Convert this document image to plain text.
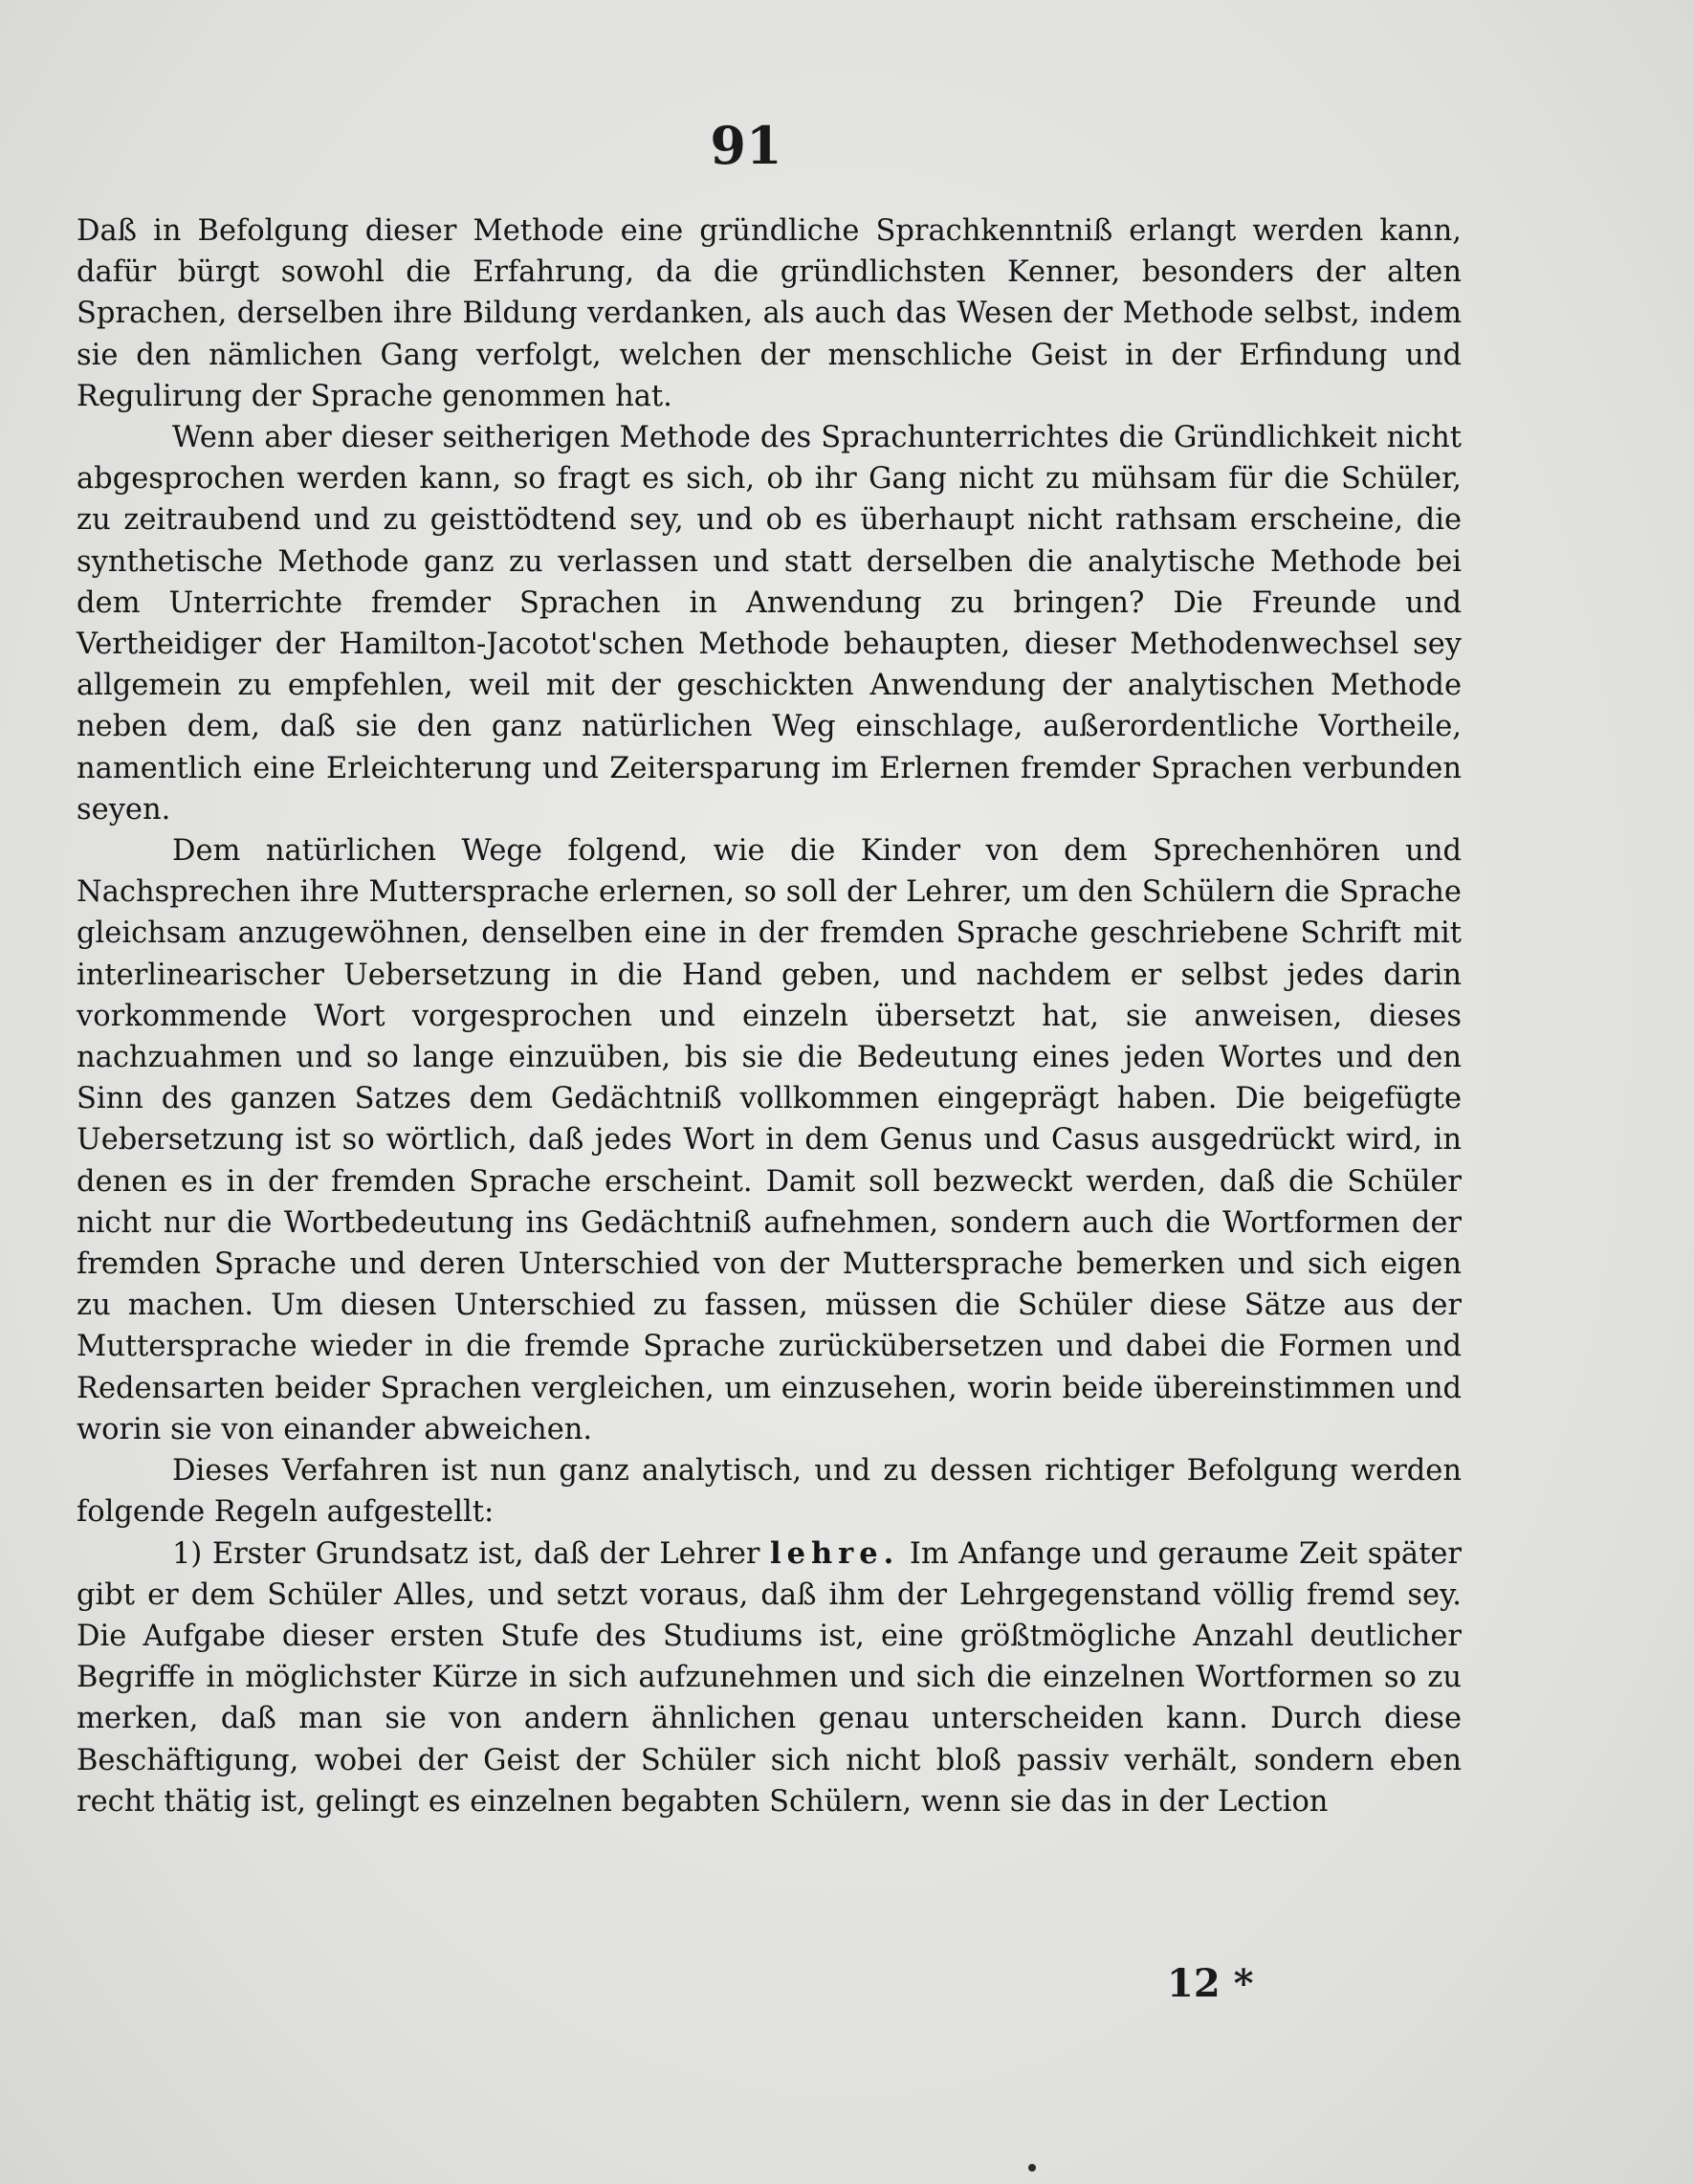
91

Daß in Befolgung dieser Methode eine gründliche Sprachkenntniß erlangt werden kann, dafür bürgt sowohl die Erfahrung, da die gründlichsten Kenner, besonders der alten Sprachen, derselben ihre Bildung verdanken, als auch das Wesen der Methode selbst, indem sie den nämlichen Gang verfolgt, welchen der menschliche Geist in der Erfindung und Regulirung der Sprache genommen hat.

Wenn aber dieser seitherigen Methode des Sprachunterrichtes die Gründlichkeit nicht abgesprochen werden kann, so fragt es sich, ob ihr Gang nicht zu mühsam für die Schüler, zu zeitraubend und zu geisttödtend sey, und ob es überhaupt nicht rathsam erscheine, die synthetische Methode ganz zu verlassen und statt derselben die analytische Methode bei dem Unterrichte fremder Sprachen in Anwendung zu bringen? Die Freunde und Vertheidiger der Hamilton-Jacotot'schen Methode behaupten, dieser Methodenwechsel sey allgemein zu empfehlen, weil mit der geschickten Anwendung der analytischen Methode neben dem, daß sie den ganz natürlichen Weg einschlage, außerordentliche Vortheile, namentlich eine Erleichterung und Zeitersparung im Erlernen fremder Sprachen verbunden seyen.

Dem natürlichen Wege folgend, wie die Kinder von dem Sprechenhören und Nachsprechen ihre Muttersprache erlernen, so soll der Lehrer, um den Schülern die Sprache gleichsam anzugewöhnen, denselben eine in der fremden Sprache geschriebene Schrift mit interlinearischer Uebersetzung in die Hand geben, und nachdem er selbst jedes darin vorkommende Wort vorgesprochen und einzeln übersetzt hat, sie anweisen, dieses nachzuahmen und so lange einzuüben, bis sie die Bedeutung eines jeden Wortes und den Sinn des ganzen Satzes dem Gedächtniß vollkommen eingeprägt haben. Die beigefügte Uebersetzung ist so wörtlich, daß jedes Wort in dem Genus und Casus ausgedrückt wird, in denen es in der fremden Sprache erscheint. Damit soll bezweckt werden, daß die Schüler nicht nur die Wortbedeutung ins Gedächtniß aufnehmen, sondern auch die Wortformen der fremden Sprache und deren Unterschied von der Muttersprache bemerken und sich eigen zu machen. Um diesen Unterschied zu fassen, müssen die Schüler diese Sätze aus der Muttersprache wieder in die fremde Sprache zurückübersetzen und dabei die Formen und Redensarten beider Sprachen vergleichen, um einzusehen, worin beide übereinstimmen und worin sie von einander abweichen.

Dieses Verfahren ist nun ganz analytisch, und zu dessen richtiger Befolgung werden folgende Regeln aufgestellt:

1) Erster Grundsatz ist, daß der Lehrer lehre. Im Anfange und geraume Zeit später gibt er dem Schüler Alles, und setzt voraus, daß ihm der Lehrgegenstand völlig fremd sey. Die Aufgabe dieser ersten Stufe des Studiums ist, eine größtmögliche Anzahl deutlicher Begriffe in möglichster Kürze in sich aufzunehmen und sich die einzelnen Wortformen so zu merken, daß man sie von andern ähnlichen genau unterscheiden kann. Durch diese Beschäftigung, wobei der Geist der Schüler sich nicht bloß passiv verhält, sondern eben recht thätig ist, gelingt es einzelnen begabten Schülern, wenn sie das in der Lection

12 *
